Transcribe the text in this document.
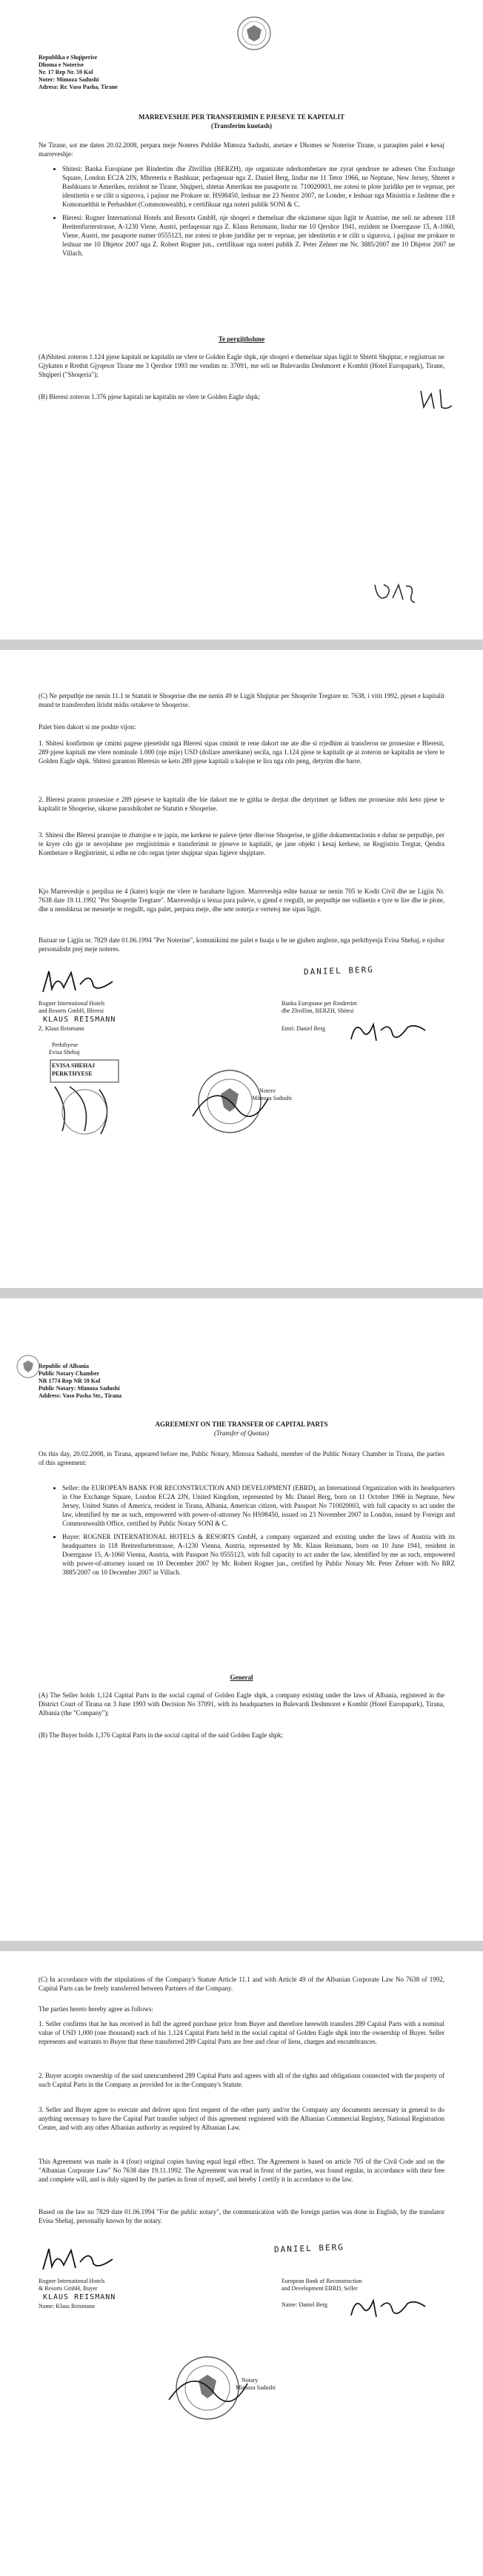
Republika e Shqiperise

Dhoma e Noterise

Nr. 17 Rep Nr. 59 Kol

Noter: Mimoza Sadushi

Adresa: Rr. Vaso Pasha, Tirane

MARREVESHJE PER TRANSFERIMIN E PJESEVE TE KAPITALIT

(Transferim kuotash)

Ne Tirane, sot me daten 20.02.2008, perpara meje Noteres Publike Mimoza Sadushi, anetare e Dhomes se Noterise Tirane, u paraqiten palet e kesaj marreveshje:

• Shitesi: Banka Europiane per Rindertim dhe Zhvillim (BERZH), nje organizate nderkombetare me zyrat qendrore ne adresen One Exchange Square, London EC2A 2JN, Mbreteria e Bashkuar, perfaqesuar nga Z. Daniel Berg, lindur me 11 Tetor 1966, ne Neptune, New Jersey, Shtetet e Bashkuara te Amerikes, rezident ne Tirane, Shqiperi, shtetas Amerikan me pasaporte nr. 710020003, me zotesi te plote juridike per te vepruar, per identitetin e se cilit u sigurova, i pajisur me Prokure nr. HS98450, leshuar me 23 Nentor 2007, ne Londer, e leshuar nga Ministria e Jashtme dhe e Komonuelthit te Perbashket (Commonwealth), e certifikuar nga noteri publik SONI & C.
• Bleresi: Rogner International Hotels and Resorts GmbH, nje shoqeri e themeluar dhe ekzistuese sipas ligjit te Austrise, me seli ne adresen 118 Breitenfurterstrasse, A-1230 Viene, Austri, perfaqesuar nga Z. Klaus Reismann, lindur me 10 Qershor 1941, rezident ne Doerrgasse 15, A-1060, Viene, Austri, me pasaporte numer 0555123, me zotesi te plote juridike per te vepruar, per identitetin e te cilit u sigurova, i pajisur me prokure te leshuar me 10 Dhjetor 2007 nga Z. Robert Rogner jun., certifikuar nga noteri publik Z. Peter Zehner me Nr. 3885/2007 me 10 Dhjetor 2007 ne Villach.

Te pergjithshme

(A)Shitesi zoteron 1.124 pjese kapitali ne kapitalin ne vlere te Golden Eagle shpk, nje shoqeri e themeluar sipas ligjit te Shtetit Shqiptar, e regjistruar ne Gjykaten e Rrethit Gjyqesor Tirane me 3 Qershor 1993 me vendim nr. 37091, me seli ne Bulevardin Deshmoret e Kombit (Hotel Europapark), Tirane, Shqiperi ("Shoqeria");

(B) Bleresi zoteron 1.376 pjese kapitali ne kapitalin ne vlere te Golden Eagle shpk;

(C) Ne perputhje me nenin 11.1 te Statutit te Shoqerise dhe me nenin 49 te Ligjit Shqiptar per Shoqerite Tregtare nr. 7638, i vitit 1992, pjeset e kapitalit mund te transferohen lirisht midis ortakeve te Shoqerise.

Palet bien dakort si me poshte vijon:

1. Shitesi konfirmon qe cmimi pagese pjesetisht nga Bleresi sipas cmimit te rene dakort me ate dhe si rrjedhim ai transferon ne pronesine e Bleresit, 289 pjese kapitali me vlere nominale 1.000 (nje mije) USD (dollare amerikane) secila, nga 1.124 pjese te kapitalit qe ai zoteron ne kapitalin ne vlere te Golden Eagle shpk. Shitesi garanton Bleresin se keto 289 pjese kapitali u kalojne te lira nga cdo peng, detyrim dhe barre.

2. Bleresi pranon pronesine e 289 pjeseve te kapitalit dhe bie dakort me te gjitha te drejtat dhe detyrimet qe lidhen me pronesine mbi keto pjese te kapitalit te Shoqerise, sikurse parashikohet ne Statutin e Shoqerise.

3. Shitesi dhe Bleresi pranojne te zbatojne e te japin, me kerkese te paleve tjeter dhe/ose Shoqerise, te gjithe dokumentacionin e duhur ne perputhje, per te kryer cdo gje te nevojshme per rregjistrimin e transferimit te pjeseve te kapitalit, qe jane objekt i kesaj kerkese, ne Regjistrin Tregtar, Qendra Kombetare e Regjistrimit, si edhe ne cdo organ tjeter shqiptar sipas ligjeve shqiptare.

Kjo Marreveshje u perpilua ne 4 (kater) kopje me vlere te barabarte ligjore. Marreveshja eshte bazuar ne nenin 705 te Kodit Civil dhe ne Ligjin Nr. 7638 date 19.11.1992 "Per Shoqerite Tregtare". Marreveshja u lexua para paleve, u gjend e rregullt, ne perputhje me vullnetin e tyre te lire dhe te plote, dhe u nenshkrua ne mesnetje te rregullt, nga palet, perpara meje, dhe sete noterja e vertetoj me sipas ligjit.

Bazuar ne Ligjin nr. 7829 date 01.06.1994 "Per Noterine", komunikimi me palet e huaja u be ne gjuhen angleze, nga perkthyesja Evisa Shehaj, e njohur personalisht prej meje noteres.

DANIEL BERG

Rogner International Hotels

and Resorts GmbH, Bleresi

KLAUS REISMANN

Z. Klaus Reismann

Banka Europiane per Rindertim

dhe Zhvillim, BERZH, Shitesi

Emri: Daniel Berg

Perkthyese

Evisa Shehaj

EVISA SHEHAJ PERKTHYESE

Notere

Mimoza Sadushi

Republic of Albania

Public Notary Chamber

NR 1774 Rep NR 59 Kol

Public Notary: Mimoza Sadushi

Address: Vaso Pasha Str., Tirana

AGREEMENT ON THE TRANSFER OF CAPITAL PARTS

(Transfer of Quotas)

On this day, 20.02.2008, in Tirana, appeared before me, Public Notary, Mimoza Sadushi, member of the Public Notary Chamber in Tirana, the parties of this agreement:

• Seller: the EUROPEAN BANK FOR RECONSTRUCTION AND DEVELOPMENT (EBRD), an International Organization with its headquarters in One Exchange Square, London EC2A 2JN, United Kingdom, represented by Mr. Daniel Berg, born on 11 October 1966 in Neptune, New Jersey, United States of America, resident in Tirana, Albania, American citizen, with Passport No 710020003, with full capacity to act under the law, identified by me as such, empowered with power-of-attorney No HS98450, issued on 23 November 2007 in London, issued by Foreign and Commonwealth Office, certified by Public Notary SONI & C.
• Buyer: ROGNER INTERNATIONAL HOTELS & RESORTS GmbH, a company organized and existing under the laws of Austria with its headquarters in 118 Breitenfurterstrasse, A-1230 Vienna, Austria, represented by Mr. Klaus Reismann, born on 10 June 1941, resident in Doerrgasse 15, A-1060 Vienna, Austria, with Passport No 0555123, with full capacity to act under the law, identified by me as such, empowered with power-of-attorney issued on 10 December 2007 by Mr. Robert Rogner jun., certified by Public Notary Mr. Peter Zehner with No BRZ 3885/2007 on 10 December 2007 in Villach.

General

(A) The Seller holds 1,124 Capital Parts in the social capital of Golden Eagle shpk, a company existing under the laws of Albania, registered in the District Court of Tirana on 3 June 1993 with Decision No 37091, with its headquarters in Bulevardi Deshmoret e Kombit (Hotel Europapark), Tirana, Albania (the "Company");

(B) The Buyer holds 1,376 Capital Parts in the social capital of the said Golden Eagle shpk;

(C) In accordance with the stipulations of the Company's Statute Article 11.1 and with Article 49 of the Albanian Corporate Law No 7638 of 1992, Capital Parts can be freely transferred between Partners of the Company.

The parties hereto hereby agree as follows:

1. Seller confirms that he has received in full the agreed purchase price from Buyer and therefore herewith transfers 289 Capital Parts with a nominal value of USD 1,000 (one thousand) each of his 1,124 Capital Parts held in the social capital of Golden Eagle shpk into the ownership of Buyer. Seller represents and warrants to Buyer that these transferred 289 Capital Parts are free and clear of liens, charges and encumbrances.

2. Buyer accepts ownership of the said unencumbered 289 Capital Parts and agrees with all of the rights and obligations connected with the property of such Capital Parts in the Company as provided for in the Company's Statute.

3. Seller and Buyer agree to execute and deliver upon first request of the other party and/or the Company any documents necessary in general to do anything necessary to have the Capital Part transfer subject of this agreement registered with the Albanian Commercial Registry, National Registration Center, and with any other Albanian authority as required by Albanian Law.

This Agreement was made in 4 (four) original copies having equal legal effect. The Agreement is based on article 705 of the Civil Code and on the "Albanian Corporate Law" No 7638 date 19.11.1992. The Agreement was read in front of the parties, was found regular, in accordance with their free and complete will, and is duly signed by the parties in front of myself, and hereby I certify it in accordance to the law.

Based on the law no 7829 date 01.06.1994 "For the public notary", the communication with the foreign parties was done in English, by the translator Evisa Shehaj, personally known by the notary.

DANIEL BERG

Rogner International Hotels

& Resorts GmbH, Buyer

KLAUS REISMANN

Name: Klaus Reismann

European Bank of Reconstruction

and Development EBRD, Seller

Name: Daniel Berg

Notary

Mimoza Sadushi
